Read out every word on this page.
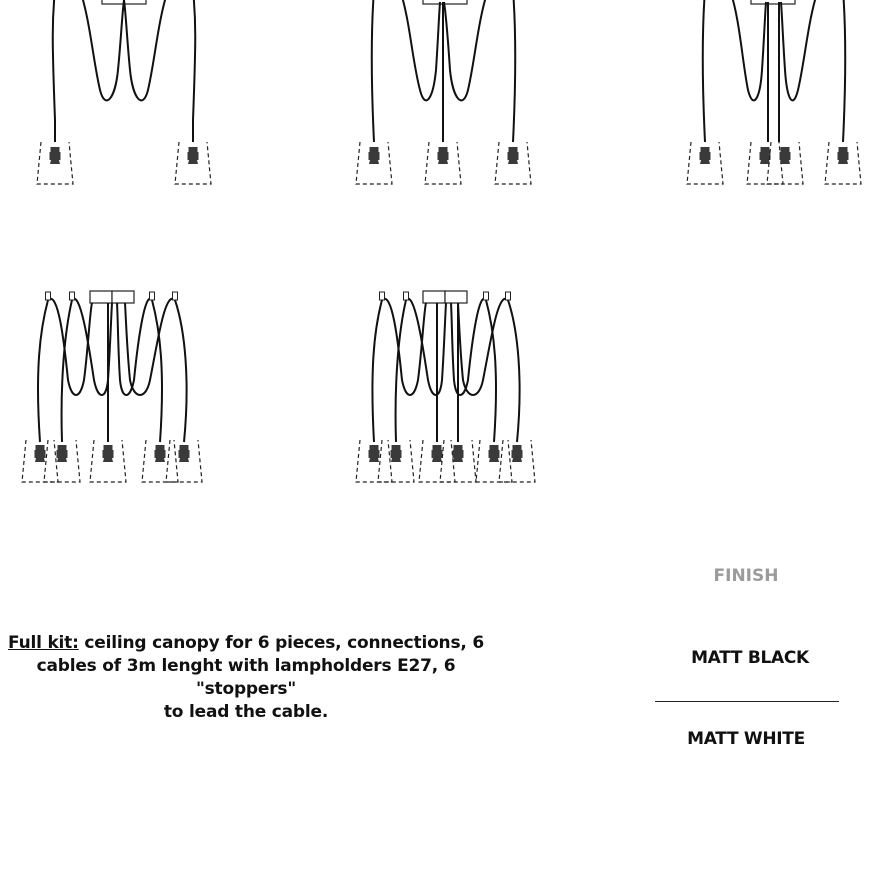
Full kit: ceiling canopy for 6 pieces, connections, 6
cables of 3m lenght with lampholders E27, 6 "stoppers"
to lead the cable.
FINISH
MATT BLACK
MATT WHITE
